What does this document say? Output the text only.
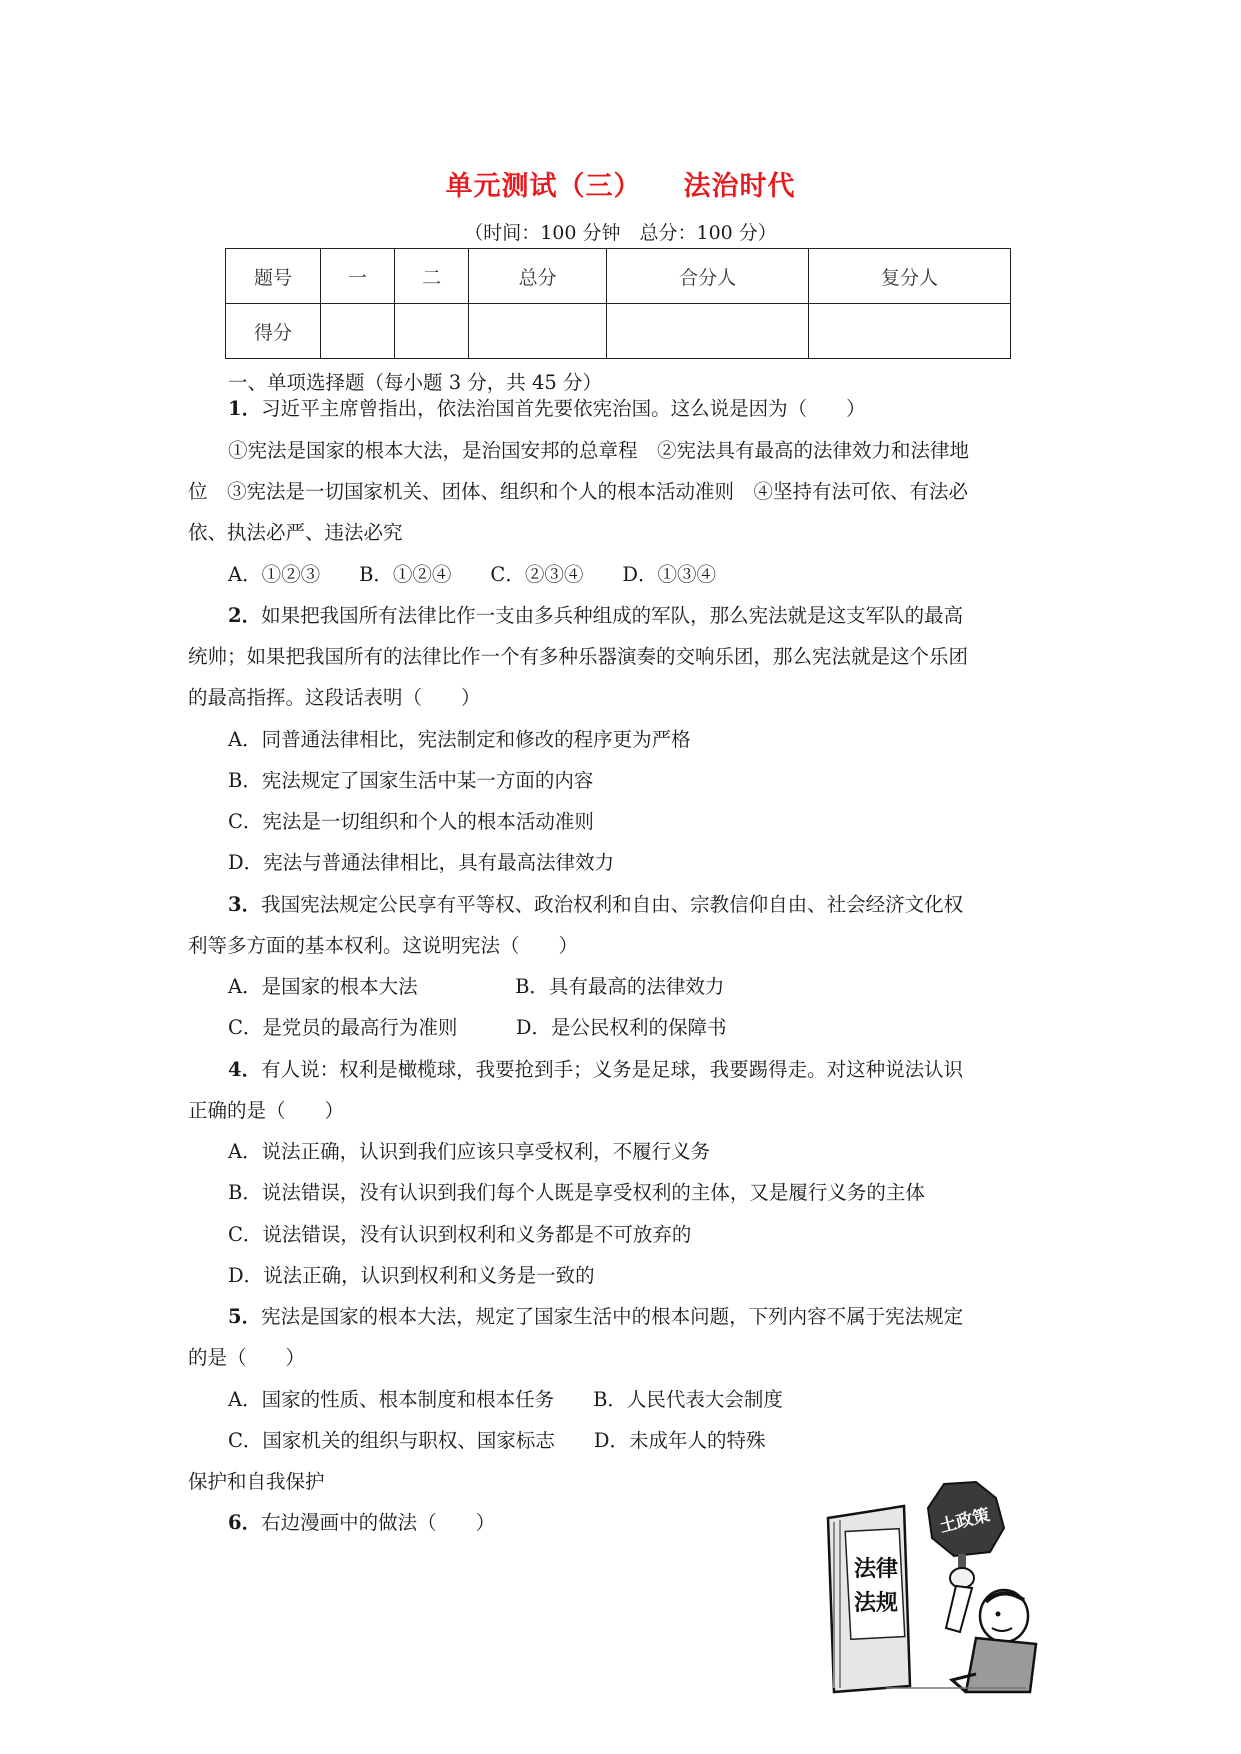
单元测试（三） 法治时代
（时间：100 分钟　总分：100 分）
题号	一	二	总分	合分人	复分人
得分					
一、单项选择题（每小题 3 分，共 45 分）
1．习近平主席曾指出，依法治国首先要依宪治国。这么说是因为（　　）
①宪法是国家的根本大法，是治国安邦的总章程　②宪法具有最高的法律效力和法律地
位　③宪法是一切国家机关、团体、组织和个人的根本活动准则　④坚持有法可依、有法必
依、执法必严、违法必究
A．①②③　　B．①②④　　C．②③④　　D．①③④
2．如果把我国所有法律比作一支由多兵种组成的军队，那么宪法就是这支军队的最高
统帅；如果把我国所有的法律比作一个有多种乐器演奏的交响乐团，那么宪法就是这个乐团
的最高指挥。这段话表明（　　）
A．同普通法律相比，宪法制定和修改的程序更为严格
B．宪法规定了国家生活中某一方面的内容
C．宪法是一切组织和个人的根本活动准则
D．宪法与普通法律相比，具有最高法律效力
3．我国宪法规定公民享有平等权、政治权利和自由、宗教信仰自由、社会经济文化权
利等多方面的基本权利。这说明宪法（　　）
A．是国家的根本大法　　　　　B．具有最高的法律效力
C．是党员的最高行为准则　　　D．是公民权利的保障书
4．有人说：权利是橄榄球，我要抢到手；义务是足球，我要踢得走。对这种说法认识
正确的是（　　）
A．说法正确，认识到我们应该只享受权利，不履行义务
B．说法错误，没有认识到我们每个人既是享受权利的主体，又是履行义务的主体
C．说法错误，没有认识到权利和义务都是不可放弃的
D．说法正确，认识到权利和义务是一致的
5．宪法是国家的根本大法，规定了国家生活中的根本问题，下列内容不属于宪法规定
的是（　　）
A．国家的性质、根本制度和根本任务　　B．人民代表大会制度
C．国家机关的组织与职权、国家标志　　D．未成年人的特殊
保护和自我保护
6．右边漫画中的做法（　　）	土政策
法律
法规
